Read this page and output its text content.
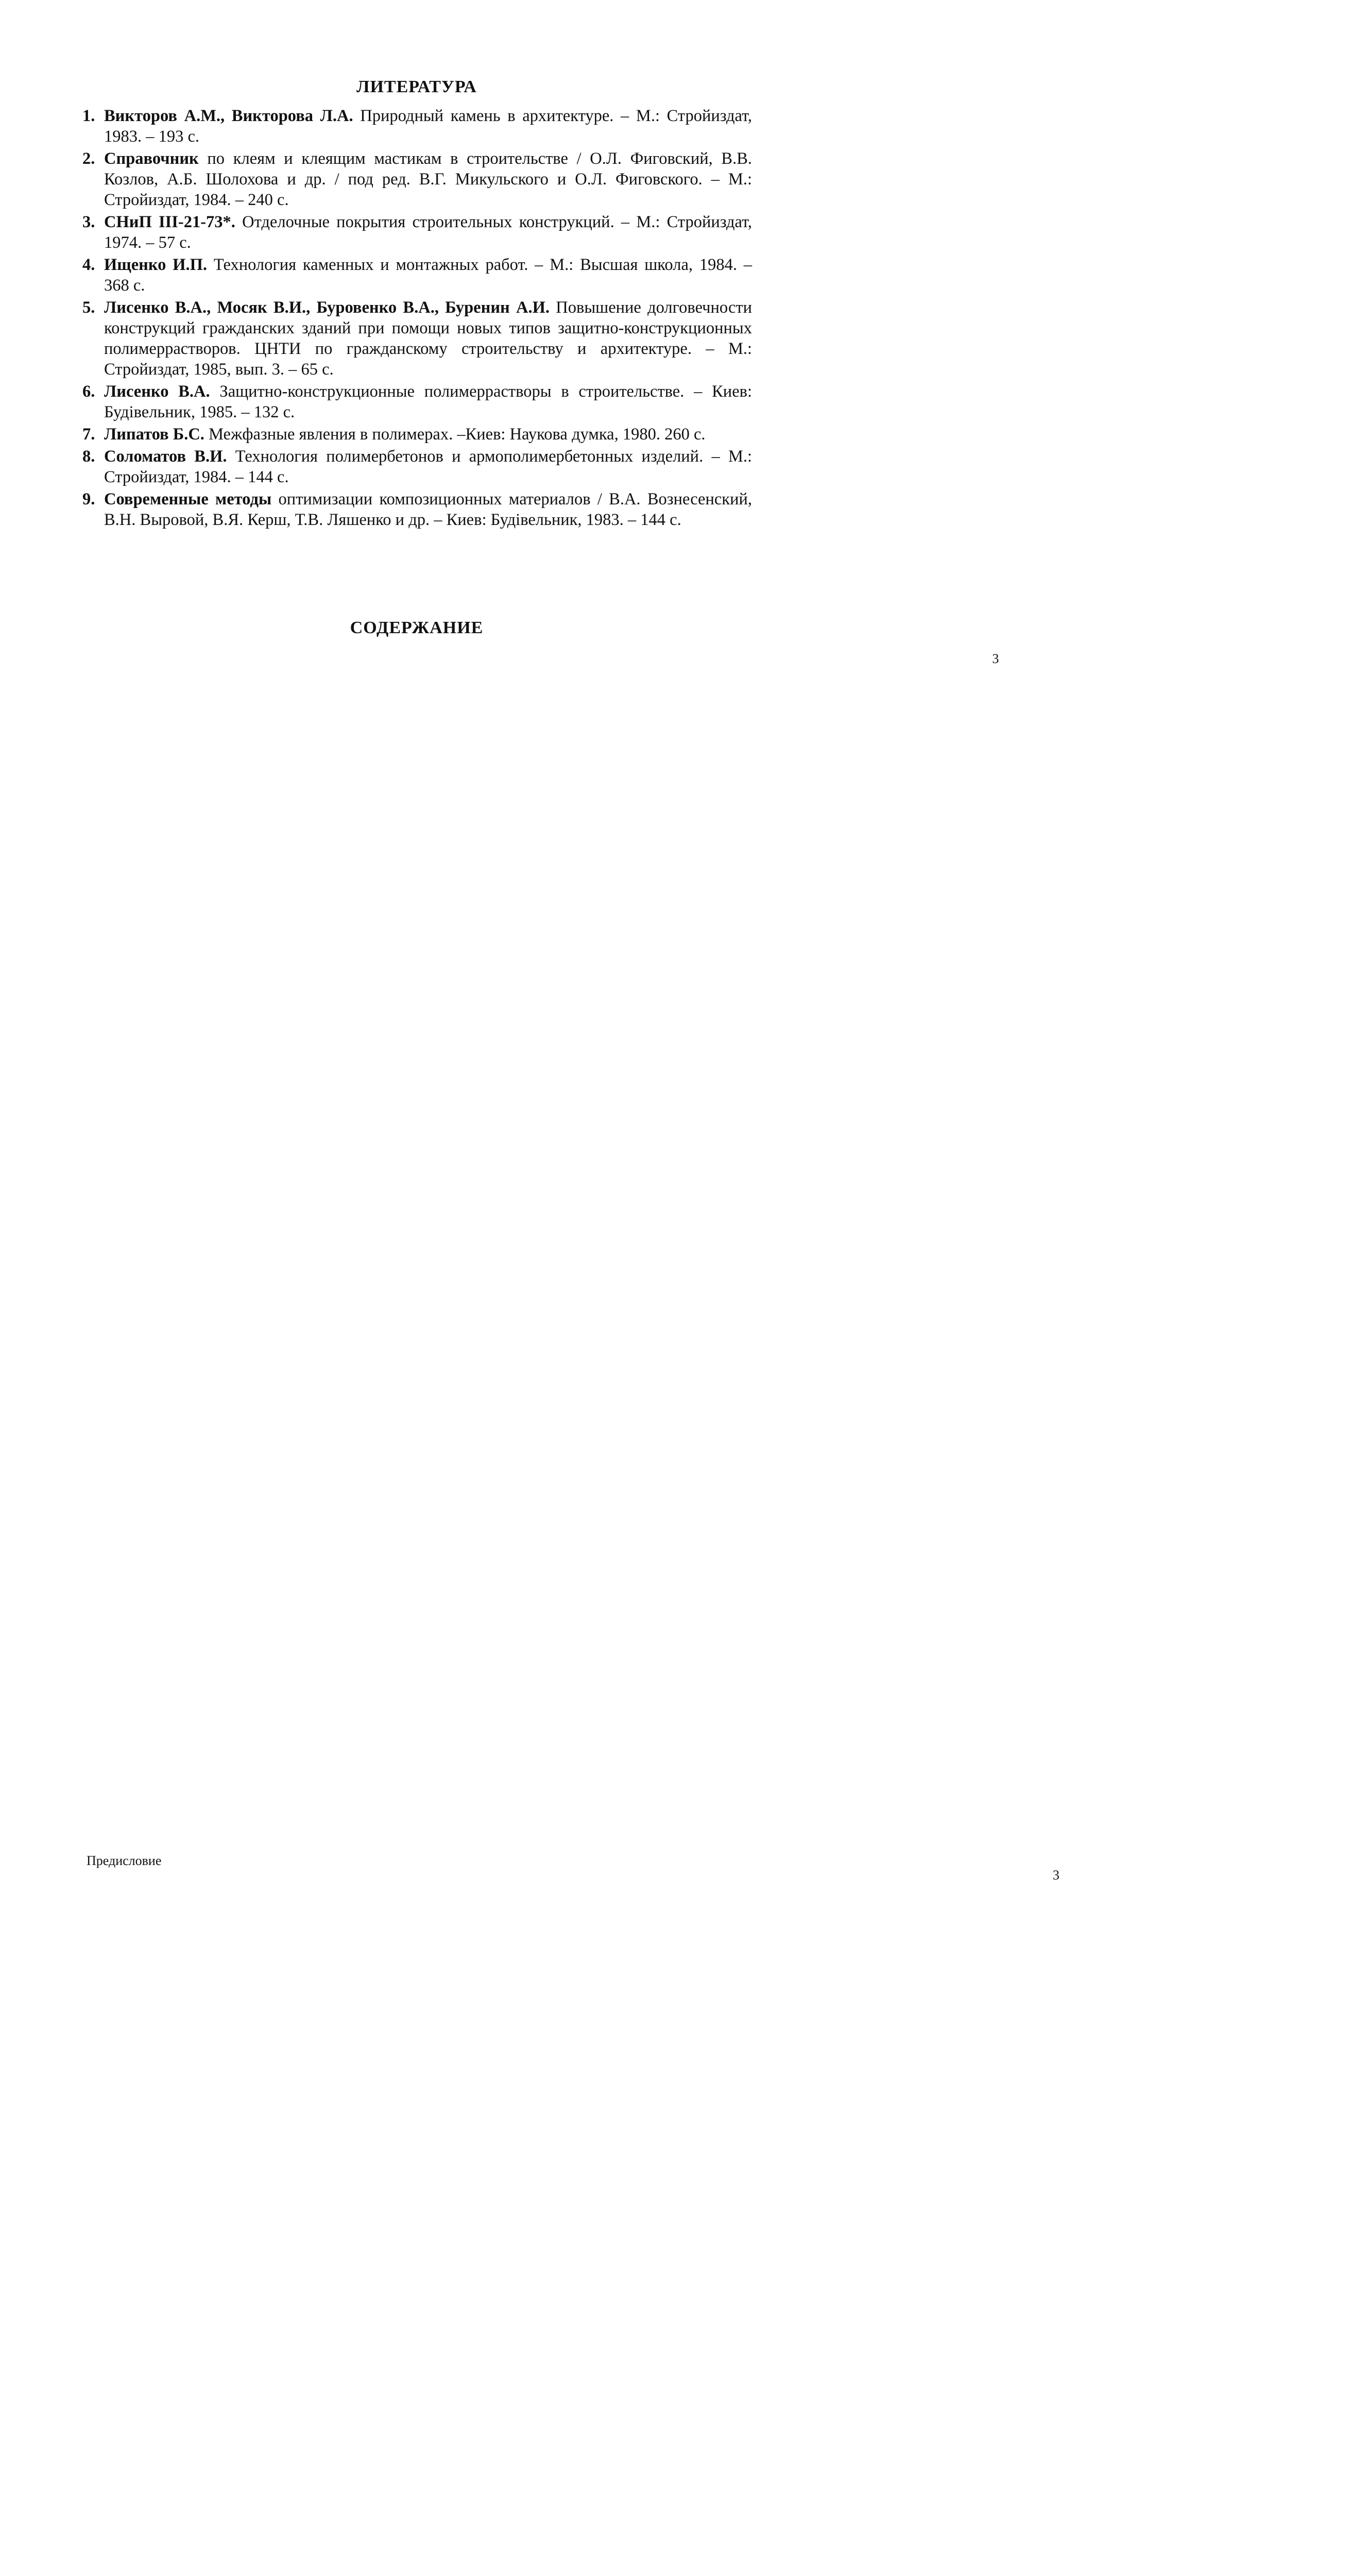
ЛИТЕРАТУРА
1. Викторов А.М., Викторова Л.А. Природный камень в архитектуре. – М.: Стройиздат, 1983. – 193 с.
2. Справочник по клеям и клеящим мастикам в строительстве / О.Л. Фиговский, В.В. Козлов, А.Б. Шолохова и др. / под ред. В.Г. Микульского и О.Л. Фиговского. – М.: Стройиздат, 1984. – 240 с.
3. СНиП III-21-73*. Отделочные покрытия строительных конструкций. – М.: Стройиздат, 1974. – 57 с.
4. Ищенко И.П. Технология каменных и монтажных работ. – М.: Высшая школа, 1984. – 368 с.
5. Лисенко В.А., Мосяк В.И., Буровенко В.А., Буренин А.И. Повышение долговечности конструкций гражданских зданий при помощи новых типов защитно-конструкционных полимеррастворов. ЦНТИ по гражданскому строительству и архитектуре. – М.: Стройиздат, 1985, вып. 3. – 65 с.
6. Лисенко В.А. Защитно-конструкционные полимеррастворы в строительстве. – Киев: Будiвельник, 1985. – 132 с.
7. Липатов Б.С. Межфазные явления в полимерах. –Киев: Наукова думка, 1980. 260 с.
8. Соломатов В.И. Технология полимербетонов и армополимербетонных изделий. – М.: Стройиздат, 1984. – 144 с.
9. Современные методы оптимизации композиционных материалов / В.А. Вознесенский, В.Н. Выровой, В.Я. Керш, Т.В. Ляшенко и др. – Киев: Будiвельник, 1983. – 144 с.
СОДЕРЖАНИЕ
Предисловие
3
3
